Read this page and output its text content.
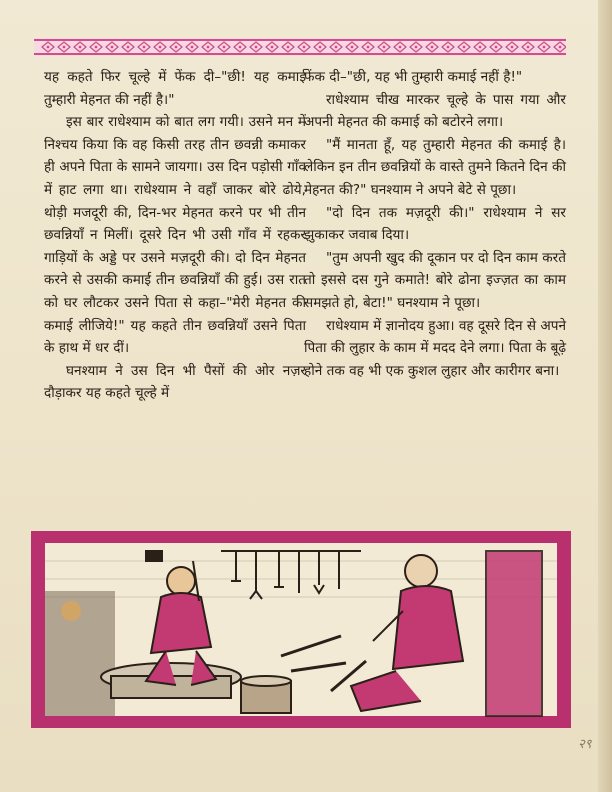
यह कहते फिर चूल्हे में फेंक दी–"छी! यह कमाई तुम्हारी मेहनत की नहीं है।"

इस बार राधेश्याम को बात लग गयी। उसने मन में निश्चय किया कि वह किसी तरह तीन छवन्नी कमाकर ही अपने पिता के सामने जायगा। उस दिन पड़ोसी गाँव में हाट लगा था। राधेश्याम ने वहाँ जाकर बोरे ढोये, थोड़ी मजदूरी की, दिन-भर मेहनत करने पर भी तीन छवन्नियाँ न मिलीं। दूसरे दिन भी उसी गाँव में रहकर गाड़ियों के अड्डे पर उसने मज़दूरी की। दो दिन मेहनत करने से उसकी कमाई तीन छवन्नियाँ की हुई। उस रात को घर लौटकर उसने पिता से कहा–"मेरी मेहनत की कमाई लीजिये!" यह कहते तीन छवन्नियाँ उसने पिता के हाथ में धर दीं।

घनश्याम ने उस दिन भी पैसों की ओर नज़र दौड़ाकर यह कहते चूल्हे में

फेंक दी–"छी, यह भी तुम्हारी कमाई नहीं है!"

राधेश्याम चीख मारकर चूल्हे के पास गया और अपनी मेहनत की कमाई को बटोरने लगा।

"मैं मानता हूँ, यह तुम्हारी मेहनत की कमाई है। लेकिन इन तीन छवन्नियों के वास्ते तुमने कितने दिन की मेहनत की?" घनश्याम ने अपने बेटे से पूछा।

"दो दिन तक मज़दूरी की।" राधेश्याम ने सर झुकाकर जवाब दिया।

"तुम अपनी खुद की दूकान पर दो दिन काम करते तो इससे दस गुने कमाते! बोरे ढोना इज्ज़त का काम समझते हो, बेटा!" घनश्याम ने पूछा।

राधेश्याम में ज्ञानोदय हुआ। वह दूसरे दिन से अपने पिता की लुहार के काम में मदद देने लगा। पिता के बूढ़े होने तक वह भी एक कुशल लुहार और कारीगर बना।

२९
